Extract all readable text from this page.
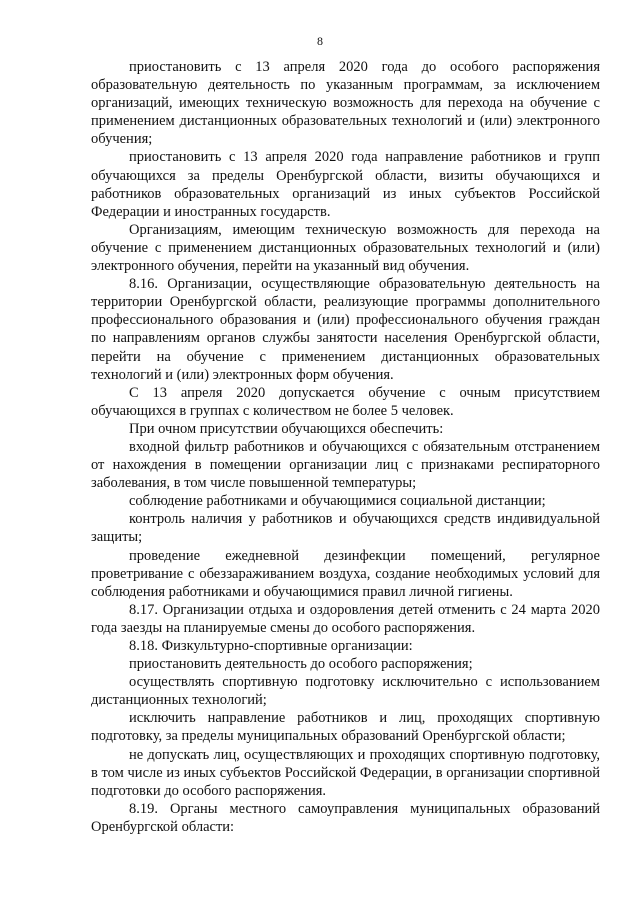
8

приостановить с 13 апреля 2020 года до особого распоряжения образовательную деятельность по указанным программам, за исключением организаций, имеющих техническую возможность для перехода на обучение с применением дистанционных образовательных технологий и (или) электронного обучения;

приостановить с 13 апреля 2020 года направление работников и групп обучающихся за пределы Оренбургской области, визиты обучающихся и работников образовательных организаций из иных субъектов Российской Федерации и иностранных государств.

Организациям, имеющим техническую возможность для перехода на обучение с применением дистанционных образовательных технологий и (или) электронного обучения, перейти на указанный вид обучения.

8.16. Организации, осуществляющие образовательную деятельность на территории Оренбургской области, реализующие программы дополнительного профессионального образования и (или) профессионального обучения граждан по направлениям органов службы занятости населения Оренбургской области, перейти на обучение с применением дистанционных образовательных технологий и (или) электронных форм обучения.

С 13 апреля 2020 допускается обучение с очным присутствием обучающихся в группах с количеством не более 5 человек.

При очном присутствии обучающихся обеспечить:

входной фильтр работников и обучающихся с обязательным отстранением от нахождения в помещении организации лиц с признаками респираторного заболевания, в том числе повышенной температуры;

соблюдение работниками и обучающимися социальной дистанции;

контроль наличия у работников и обучающихся средств индивидуальной защиты;

проведение ежедневной дезинфекции помещений, регулярное проветривание с обеззараживанием воздуха, создание необходимых условий для соблюдения работниками и обучающимися правил личной гигиены.

8.17. Организации отдыха и оздоровления детей отменить с 24 марта 2020 года заезды на планируемые смены до особого распоряжения.

8.18. Физкультурно-спортивные организации:

приостановить деятельность до особого распоряжения;

осуществлять спортивную подготовку исключительно с использованием дистанционных технологий;

исключить направление работников и лиц, проходящих спортивную подготовку, за пределы муниципальных образований Оренбургской области;

не допускать лиц, осуществляющих и проходящих спортивную подготовку, в том числе из иных субъектов Российской Федерации, в организации спортивной подготовки до особого распоряжения.

8.19. Органы местного самоуправления муниципальных образований Оренбургской области:
